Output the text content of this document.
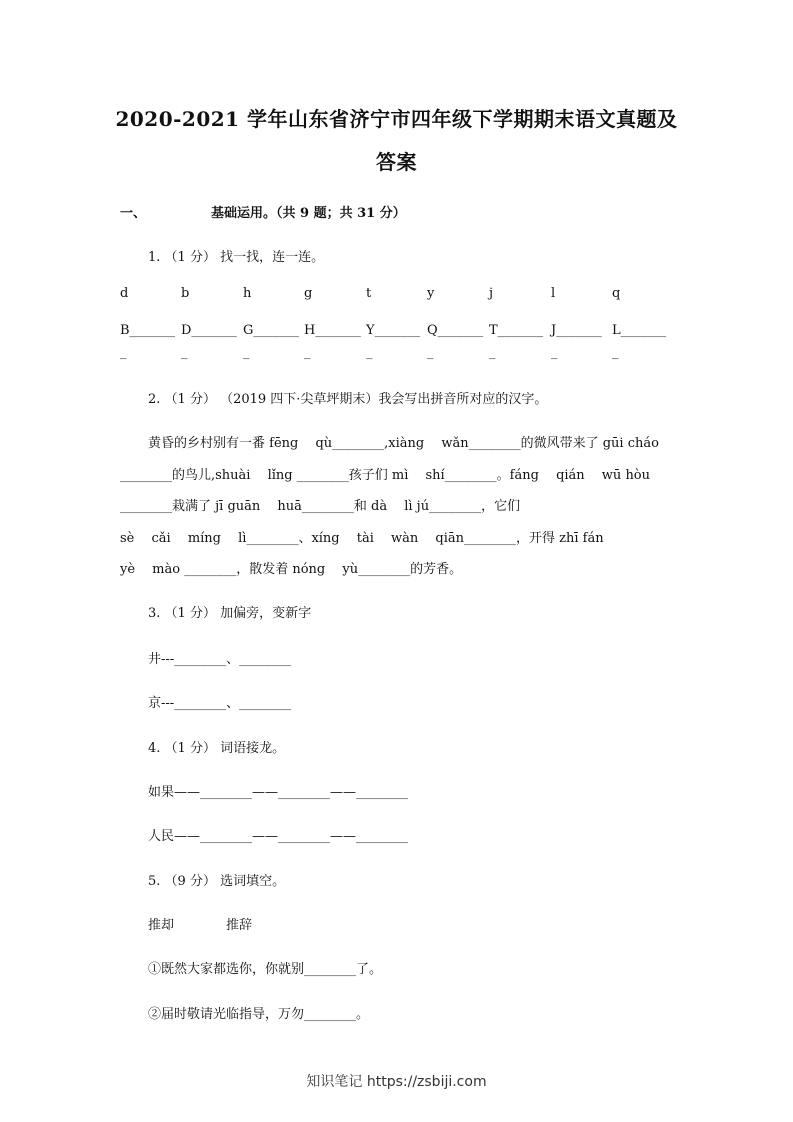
2020-2021 学年山东省济宁市四年级下学期期末语文真题及
答案
一、	基础运用。（共 9 题；共 31 分）
1. （1 分） 找一找，连一连。
d	b	h	g	t	y	j	l	q
B_______ D_______ G_______ H_______ Y_______ Q_______ T_______ J_______ L_______
_	_	_	_	_	_	_	_	_
2. （1 分） （2019 四下·尖草坪期末）我会写出拼音所对应的汉字。
黄昏的乡村别有一番 fēng　 qù________,xiàng　 wǎn________的微风带来了 gūi cháo
________的鸟儿,shuài　 lǐng ________孩子们 mì　 shí________。fáng　 qián　 wū hòu
________栽满了 jī guān　 huā________和 dà　 lì jú________，它们
sè　 cǎi　 míng　 lì________、xíng　 tài　 wàn　 qiān________，开得 zhī fán
yè　 mào ________，散发着 nóng　 yù________的芳香。
3. （1 分） 加偏旁，变新字
井---________、________
京---________、________
4. （1 分） 词语接龙。
如果——________——________——________
人民——________——________——________
5. （9 分） 选词填空。
推却	推辞
①既然大家都选你，你就别________了。
②届时敬请光临指导，万勿________。
知识笔记 https://zsbiji.com
